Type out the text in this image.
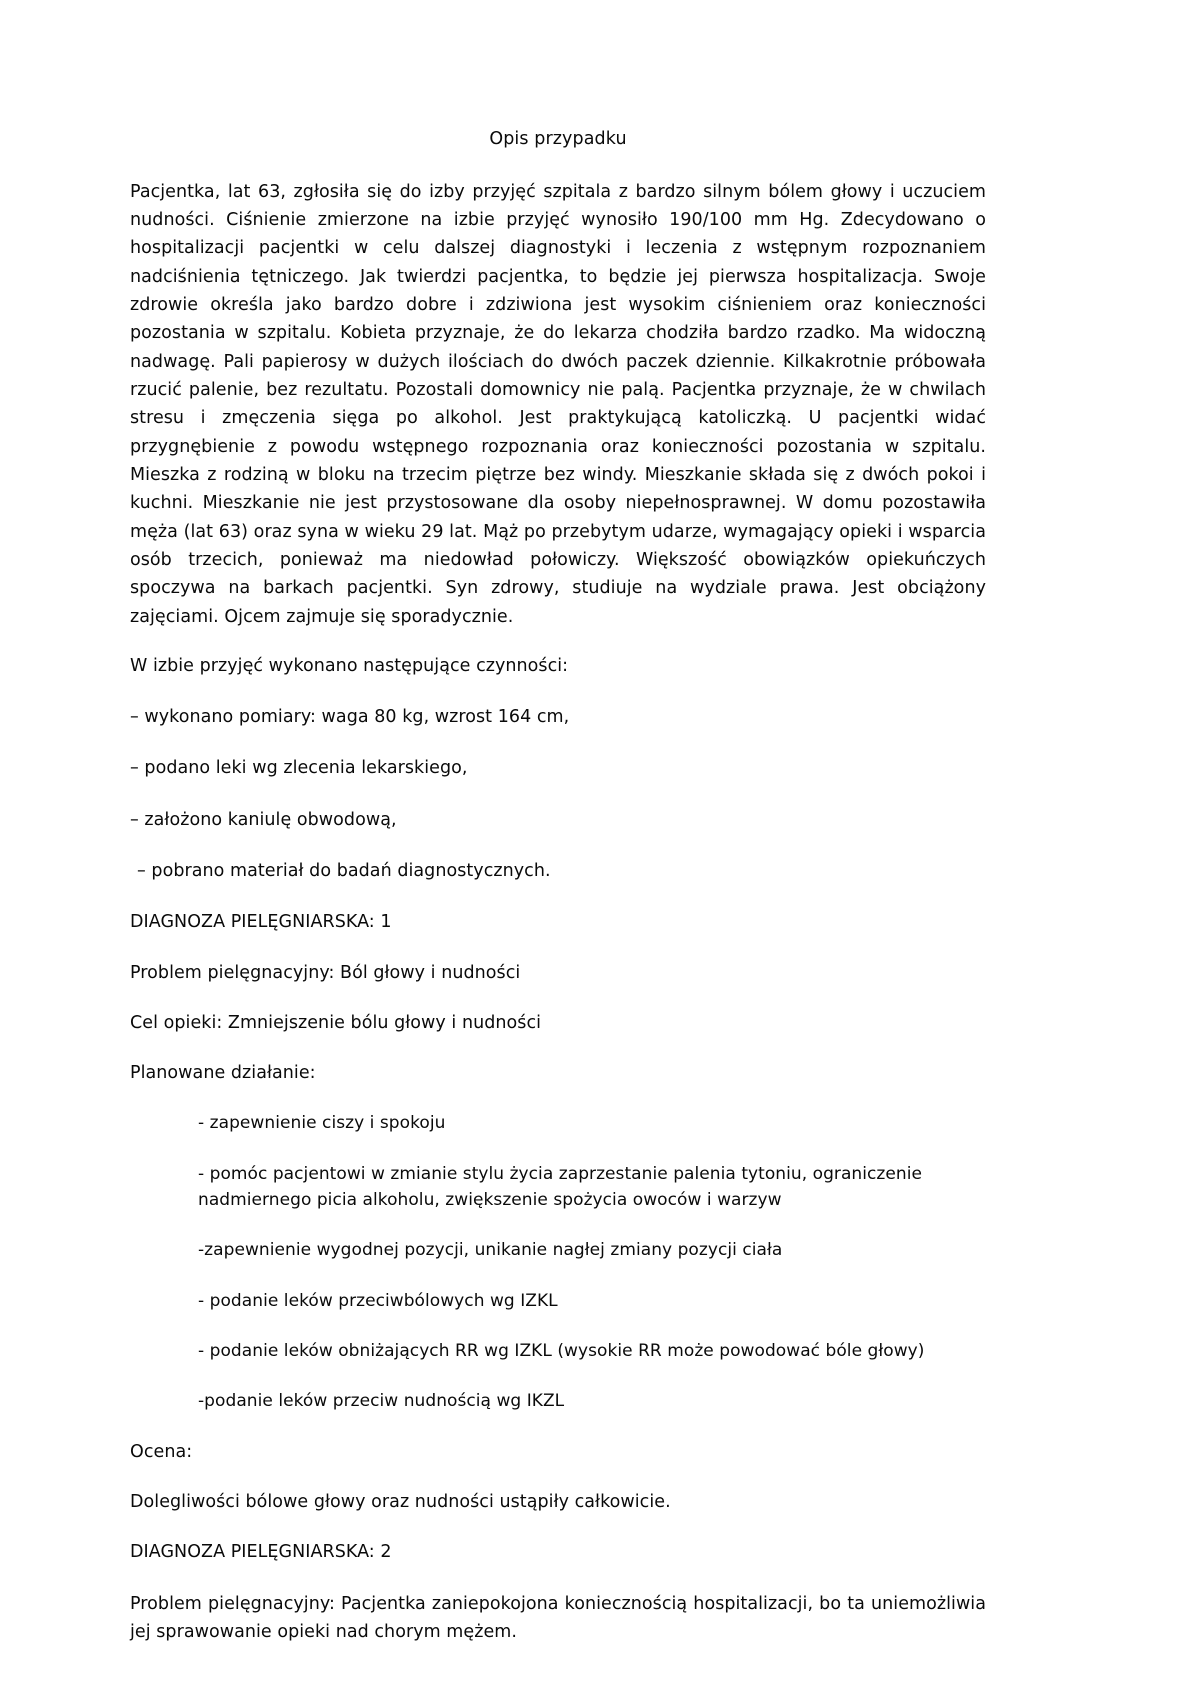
Opis przypadku

Pacjentka, lat 63, zgłosiła się do izby przyjęć szpitala z bardzo silnym bólem głowy i uczuciem nudności. Ciśnienie zmierzone na izbie przyjęć wynosiło 190/100 mm Hg. Zdecydowano o hospitalizacji pacjentki w celu dalszej diagnostyki i leczenia z wstępnym rozpoznaniem nadciśnienia tętniczego. Jak twierdzi pacjentka, to będzie jej pierwsza hospitalizacja. Swoje zdrowie określa jako bardzo dobre i zdziwiona jest wysokim ciśnieniem oraz konieczności pozostania w szpitalu. Kobieta przyznaje, że do lekarza chodziła bardzo rzadko. Ma widoczną nadwagę. Pali papierosy w dużych ilościach do dwóch paczek dziennie. Kilkakrotnie próbowała rzucić palenie, bez rezultatu. Pozostali domownicy nie palą. Pacjentka przyznaje, że w chwilach stresu i zmęczenia sięga po alkohol. Jest praktykującą katoliczką. U pacjentki widać przygnębienie z powodu wstępnego rozpoznania oraz konieczności pozostania w szpitalu. Mieszka z rodziną w bloku na trzecim piętrze bez windy. Mieszkanie składa się z dwóch pokoi i kuchni. Mieszkanie nie jest przystosowane dla osoby niepełnosprawnej. W domu pozostawiła męża (lat 63) oraz syna w wieku 29 lat. Mąż po przebytym udarze, wymagający opieki i wsparcia osób trzecich, ponieważ ma niedowład połowiczy. Większość obowiązków opiekuńczych spoczywa na barkach pacjentki. Syn zdrowy, studiuje na wydziale prawa. Jest obciążony zajęciami. Ojcem zajmuje się sporadycznie.

W izbie przyjęć wykonano następujące czynności:

– wykonano pomiary: waga 80 kg, wzrost 164 cm,
– podano leki wg zlecenia lekarskiego,
– założono kaniulę obwodową,
– pobrano materiał do badań diagnostycznych.

DIAGNOZA PIELĘGNIARSKA: 1

Problem pielęgnacyjny: Ból głowy i nudności

Cel opieki: Zmniejszenie bólu głowy i nudności

Planowane działanie:

- zapewnienie ciszy i spokoju
- pomóc pacjentowi w zmianie stylu życia zaprzestanie palenia tytoniu, ograniczenie nadmiernego picia alkoholu, zwiększenie spożycia owoców i warzyw
-zapewnienie wygodnej pozycji, unikanie nagłej zmiany pozycji ciała
- podanie leków przeciwbólowych wg IZKL
- podanie leków obniżających RR wg IZKL (wysokie RR może powodować bóle głowy)
-podanie leków przeciw nudnością wg IKZL

Ocena:

Dolegliwości bólowe głowy oraz nudności ustąpiły całkowicie.

DIAGNOZA PIELĘGNIARSKA: 2

Problem pielęgnacyjny: Pacjentka zaniepokojona koniecznością hospitalizacji, bo ta uniemożliwia jej sprawowanie opieki nad chorym mężem.
